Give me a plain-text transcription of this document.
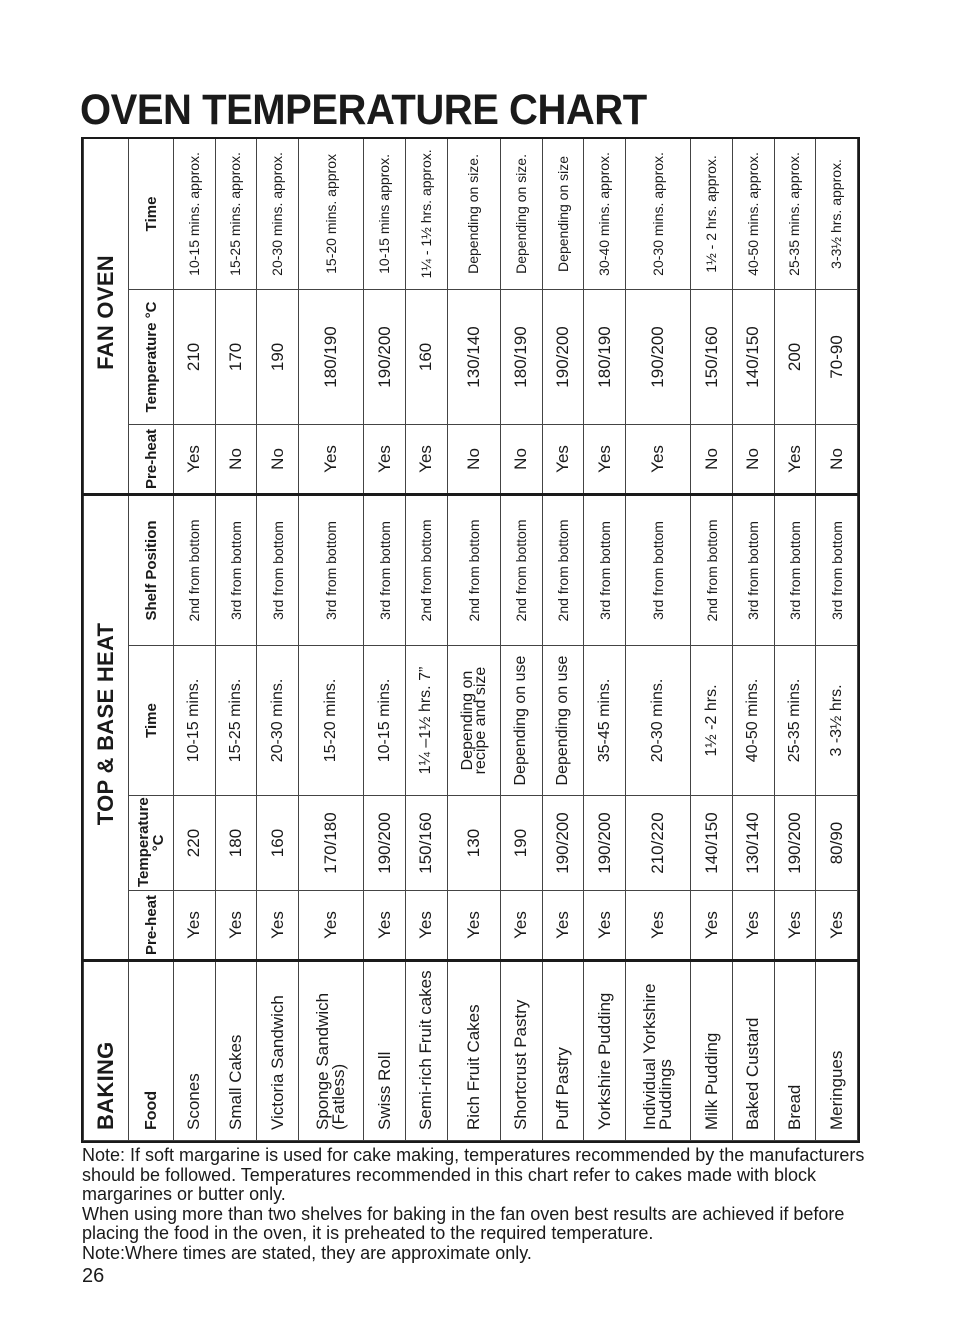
OVEN TEMPERATURE CHART
BAKING	TOP & BASE HEAT				FAN OVEN		
Food	Pre-heat	Temperature °C	Time	Shelf Position	Pre-heat	Temperature °C	Time
Scones	Yes	220	10-15 mins.	2nd from bottom	Yes	210	10-15 mins. approx.
Small Cakes	Yes	180	15-25 mins.	3rd from bottom	No	170	15-25 mins. approx.
Victoria Sandwich	Yes	160	20-30 mins.	3rd from bottom	No	190	20-30 mins. approx.
Sponge Sandwich (Fatless)	Yes	170/180	15-20 mins.	3rd from bottom	Yes	180/190	15-20 mins. approx
Swiss Roll	Yes	190/200	10-15 mins.	3rd from bottom	Yes	190/200	10-15 mins approx.
Semi-rich Fruit cakes	Yes	150/160	1¼ –1½ hrs. 7”	2nd from bottom	Yes	160	1¼ - 1½ hrs. approx.
Rich Fruit Cakes	Yes	130	Depending on recipe and size	2nd from bottom	No	130/140	Depending on size.
Shortcrust Pastry	Yes	190	Depending on use	2nd from bottom	No	180/190	Depending on size.
Puff Pastry	Yes	190/200	Depending on use	2nd from bottom	Yes	190/200	Depending on size
Yorkshire Pudding	Yes	190/200	35-45 mins.	3rd from bottom	Yes	180/190	30-40 mins. approx.
Individual Yorkshire Puddings	Yes	210/220	20-30 mins.	3rd from bottom	Yes	190/200	20-30 mins. approx.
Milk Pudding	Yes	140/150	1½ -2 hrs.	2nd from bottom	No	150/160	1½ - 2 hrs. approx.
Baked Custard	Yes	130/140	40-50 mins.	3rd from bottom	No	140/150	40-50 mins. approx.
Bread	Yes	190/200	25-35 mins.	3rd from bottom	Yes	200	25-35 mins. approx.
Meringues	Yes	80/90	3 -3½ hrs.	3rd from bottom	No	70-90	3-3½ hrs. approx.

Note: If soft margarine is used for cake making, temperatures recommended by the manufacturers should be followed. Temperatures recommended in this chart refer to cakes made with block margarines or butter only.

When using more than two shelves for baking in the fan oven best results are achieved if before placing the food in the oven, it is preheated to the required temperature.

Note:Where times are stated, they are approximate only.

26
